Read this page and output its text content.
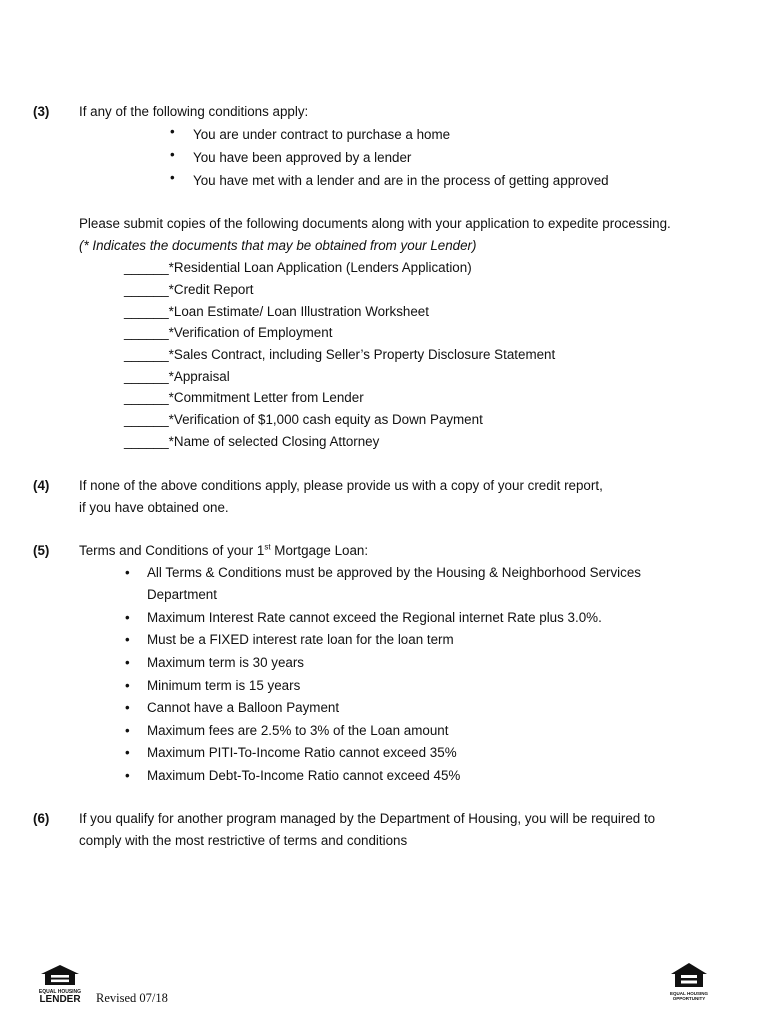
(3) If any of the following conditions apply:
• You are under contract to purchase a home
• You have been approved by a lender
• You have met with a lender and are in the process of getting approved
Please submit copies of the following documents along with your application to expedite processing.
(* Indicates the documents that may be obtained from your Lender)
______*Residential Loan Application (Lenders Application)
______*Credit Report
______*Loan Estimate/ Loan Illustration Worksheet
______*Verification of Employment
______*Sales Contract, including Seller’s Property Disclosure Statement
______*Appraisal
______*Commitment Letter from Lender
______*Verification of $1,000 cash equity as Down Payment
______*Name of selected Closing Attorney
(4) If none of the above conditions apply, please provide us with a copy of your credit report,
if you have obtained one.
(5) Terms and Conditions of your 1st Mortgage Loan:
• All Terms & Conditions must be approved by the Housing & Neighborhood Services
Department
• Maximum Interest Rate cannot exceed the Regional internet Rate plus 3.0%.
• Must be a FIXED interest rate loan for the loan term
• Maximum term is 30 years
• Minimum term is 15 years
• Cannot have a Balloon Payment
• Maximum fees are 2.5% to 3% of the Loan amount
• Maximum PITI-To-Income Ratio cannot exceed 35%
• Maximum Debt-To-Income Ratio cannot exceed 45%
(6) If you qualify for another program managed by the Department of Housing, you will be required to
comply with the most restrictive of terms and conditions
EQUAL HOUSING
LENDER Revised 07/18	EQUAL HOUSING
OPPORTUNITY
